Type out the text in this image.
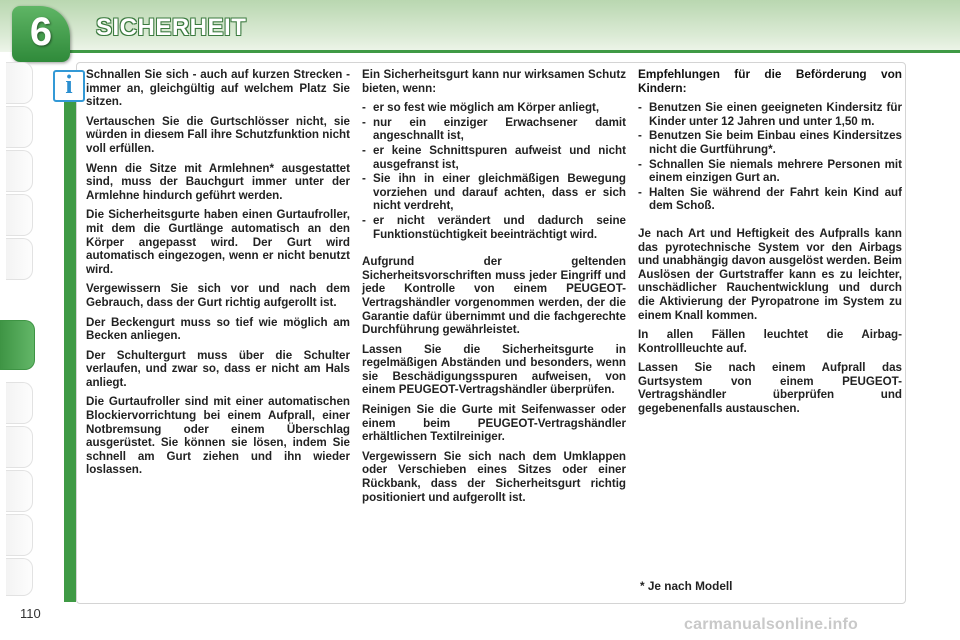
6	SICHERHEIT
i	Schnallen Sie sich - auch auf kurzen Strecken - immer an, gleichgültig auf welchem Platz Sie sitzen.

Vertauschen Sie die Gurtschlösser nicht, sie würden in diesem Fall ihre Schutzfunktion nicht voll erfüllen.

Wenn die Sitze mit Armlehnen* ausgestattet sind, muss der Bauchgurt immer unter der Armlehne hindurch geführt werden.

Die Sicherheitsgurte haben einen Gurtaufroller, mit dem die Gurtlänge automatisch an den Körper angepasst wird. Der Gurt wird automatisch eingezogen, wenn er nicht benutzt wird.

Vergewissern Sie sich vor und nach dem Gebrauch, dass der Gurt richtig aufgerollt ist.

Der Beckengurt muss so tief wie möglich am Becken anliegen.

Der Schultergurt muss über die Schulter verlaufen, und zwar so, dass er nicht am Hals anliegt.

Die Gurtaufroller sind mit einer automatischen Blockiervorrichtung bei einem Aufprall, einer Notbremsung oder einem Überschlag ausgerüstet. Sie können sie lösen, indem Sie schnell am Gurt ziehen und ihn wieder loslassen.

Ein Sicherheitsgurt kann nur wirksamen Schutz bieten, wenn:

- er so fest wie möglich am Körper anliegt,
- nur ein einziger Erwachsener damit angeschnallt ist,
- er keine Schnittspuren aufweist und nicht ausgefranst ist,
- Sie ihn in einer gleichmäßigen Bewegung vorziehen und darauf achten, dass er sich nicht verdreht,
- er nicht verändert und dadurch seine Funktionstüchtigkeit beeinträchtigt wird.

Aufgrund der geltenden Sicherheitsvorschriften muss jeder Eingriff und jede Kontrolle von einem PEUGEOT-Vertragshändler vorgenommen werden, der die Garantie dafür übernimmt und die fachgerechte Durchführung gewährleistet.

Lassen Sie die Sicherheitsgurte in regelmäßigen Abständen und besonders, wenn sie Beschädigungsspuren aufweisen, von einem PEUGEOT-Vertragshändler überprüfen.

Reinigen Sie die Gurte mit Seifenwasser oder einem beim PEUGEOT-Vertragshändler erhältlichen Textilreiniger.

Vergewissern Sie sich nach dem Umklappen oder Verschieben eines Sitzes oder einer Rückbank, dass der Sicherheitsgurt richtig positioniert und aufgerollt ist.

Empfehlungen für die Beförderung von Kindern:

- Benutzen Sie einen geeigneten Kindersitz für Kinder unter 12 Jahren und unter 1,50 m.
- Benutzen Sie beim Einbau eines Kindersitzes nicht die Gurtführung*.
- Schnallen Sie niemals mehrere Personen mit einem einzigen Gurt an.
- Halten Sie während der Fahrt kein Kind auf dem Schoß.

Je nach Art und Heftigkeit des Aufpralls kann das pyrotechnische System vor den Airbags und unabhängig davon ausgelöst werden. Beim Auslösen der Gurtstraffer kann es zu leichter, unschädlicher Rauchentwicklung und durch die Aktivierung der Pyropatrone im System zu einem Knall kommen.

In allen Fällen leuchtet die Airbag-Kontrollleuchte auf.

Lassen Sie nach einem Aufprall das Gurtsystem von einem PEUGEOT-Vertragshändler überprüfen und gegebenenfalls austauschen.

* Je nach Modell
110
carmanualsonline.info
